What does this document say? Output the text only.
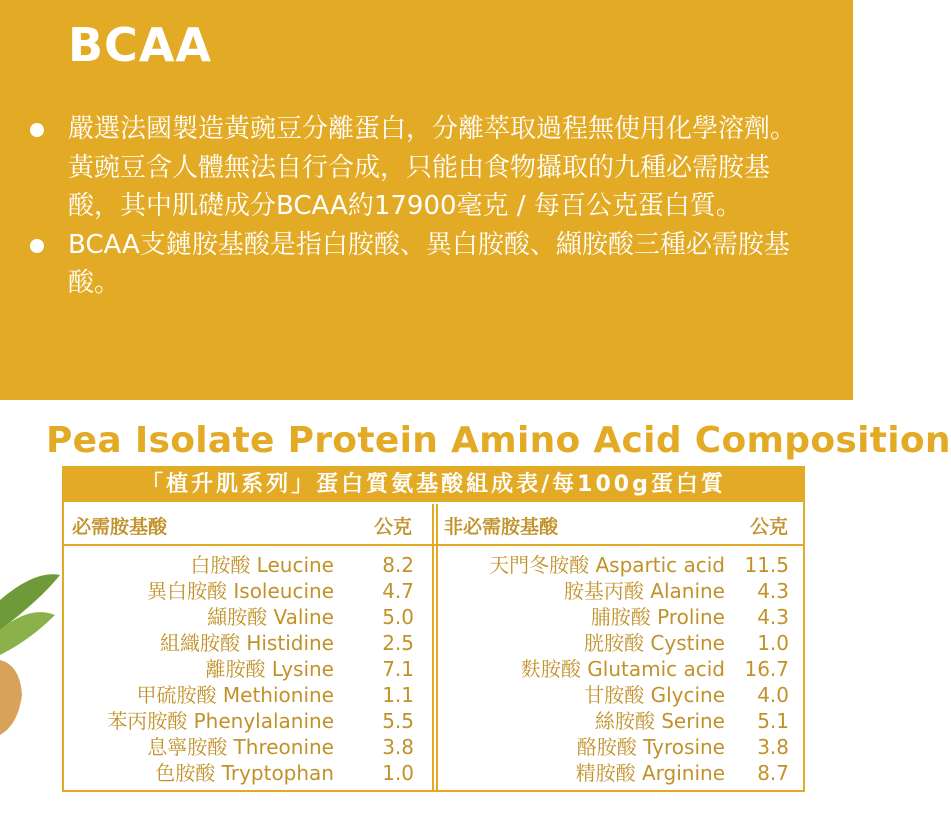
BCAA
嚴選法國製造黃豌豆分離蛋白，分離萃取過程無使用化學溶劑。黃豌豆含人體無法自行合成，只能由食物攝取的九種必需胺基酸，其中肌礎成分BCAA約17900毫克 / 每百公克蛋白質。
BCAA支鏈胺基酸是指白胺酸、異白胺酸、纈胺酸三種必需胺基酸。
Pea Isolate Protein Amino Acid Composition
「植升肌系列」蛋白質氨基酸組成表/每100g蛋白質
必需胺基酸	公克 非必需胺基酸	公克
白胺酸 Leucine 8.2
異白胺酸 Isoleucine 4.7
纈胺酸 Valine 5.0
組織胺酸 Histidine 2.5
離胺酸 Lysine 7.1
甲硫胺酸 Methionine 1.1
苯丙胺酸 Phenylalanine 5.5
息寧胺酸 Threonine 3.8
色胺酸 Tryptophan 1.0
天門冬胺酸 Aspartic acid 11.5
胺基丙酸 Alanine 4.3
脯胺酸 Proline 4.3
胱胺酸 Cystine 1.0
麩胺酸 Glutamic acid 16.7
甘胺酸 Glycine 4.0
絲胺酸 Serine 5.1
酪胺酸 Tyrosine 3.8
精胺酸 Arginine 8.7
